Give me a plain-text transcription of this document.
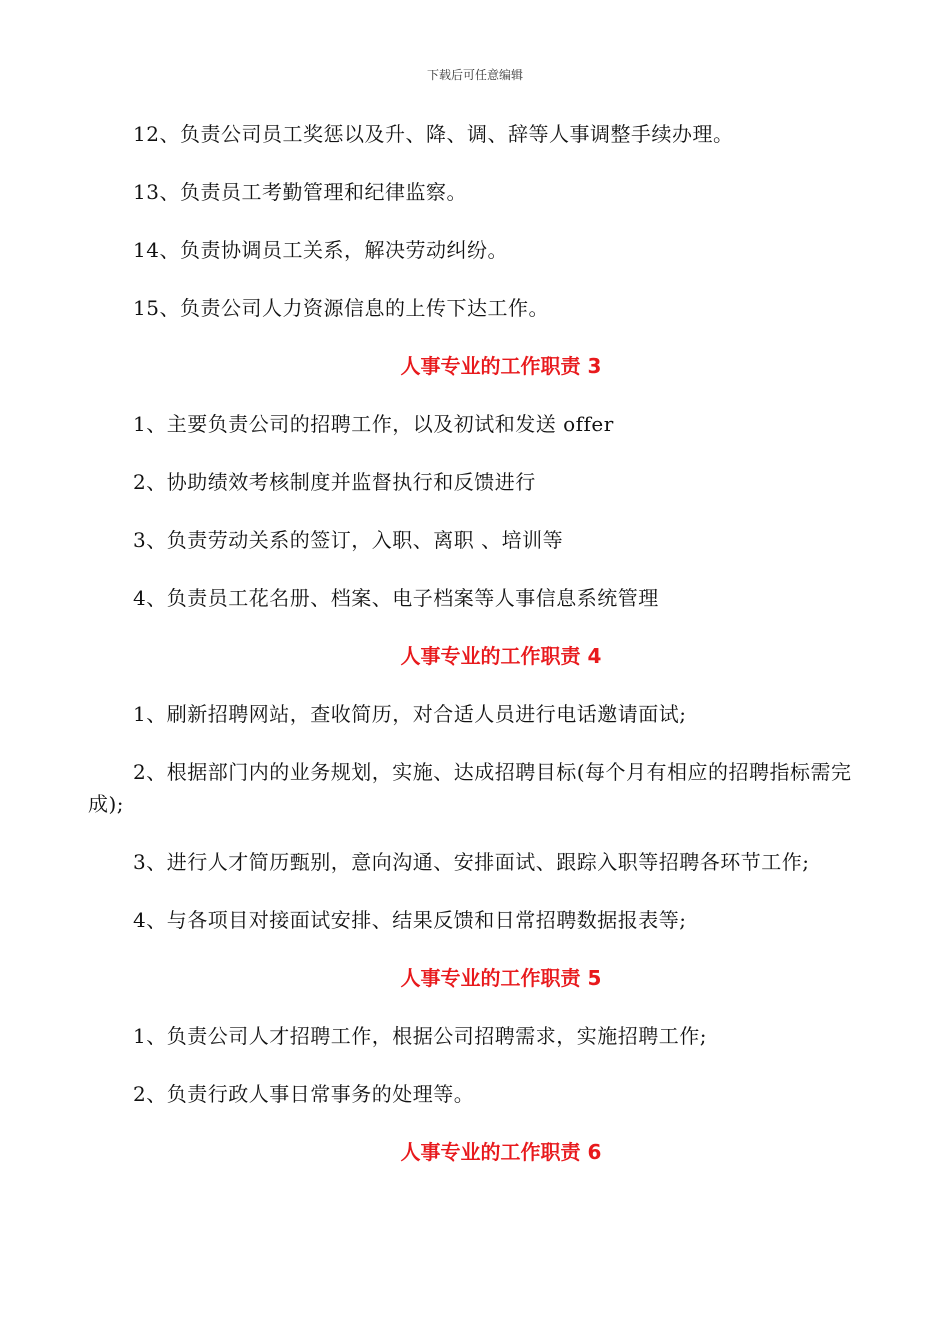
下载后可任意编辑

12、负责公司员工奖惩以及升、降、调、辞等人事调整手续办理。

13、负责员工考勤管理和纪律监察。

14、负责协调员工关系，解决劳动纠纷。

15、负责公司人力资源信息的上传下达工作。

人事专业的工作职责 3

1、主要负责公司的招聘工作，以及初试和发送 offer

2、协助绩效考核制度并监督执行和反馈进行

3、负责劳动关系的签订，入职、离职 、培训等

4、负责员工花名册、档案、电子档案等人事信息系统管理

人事专业的工作职责 4

1、刷新招聘网站，查收简历，对合适人员进行电话邀请面试;

2、根据部门内的业务规划，实施、达成招聘目标(每个月有相应的招聘指标需完成);

3、进行人才简历甄别，意向沟通、安排面试、跟踪入职等招聘各环节工作;

4、与各项目对接面试安排、结果反馈和日常招聘数据报表等;

人事专业的工作职责 5

1、负责公司人才招聘工作，根据公司招聘需求，实施招聘工作;

2、负责行政人事日常事务的处理等。

人事专业的工作职责 6
